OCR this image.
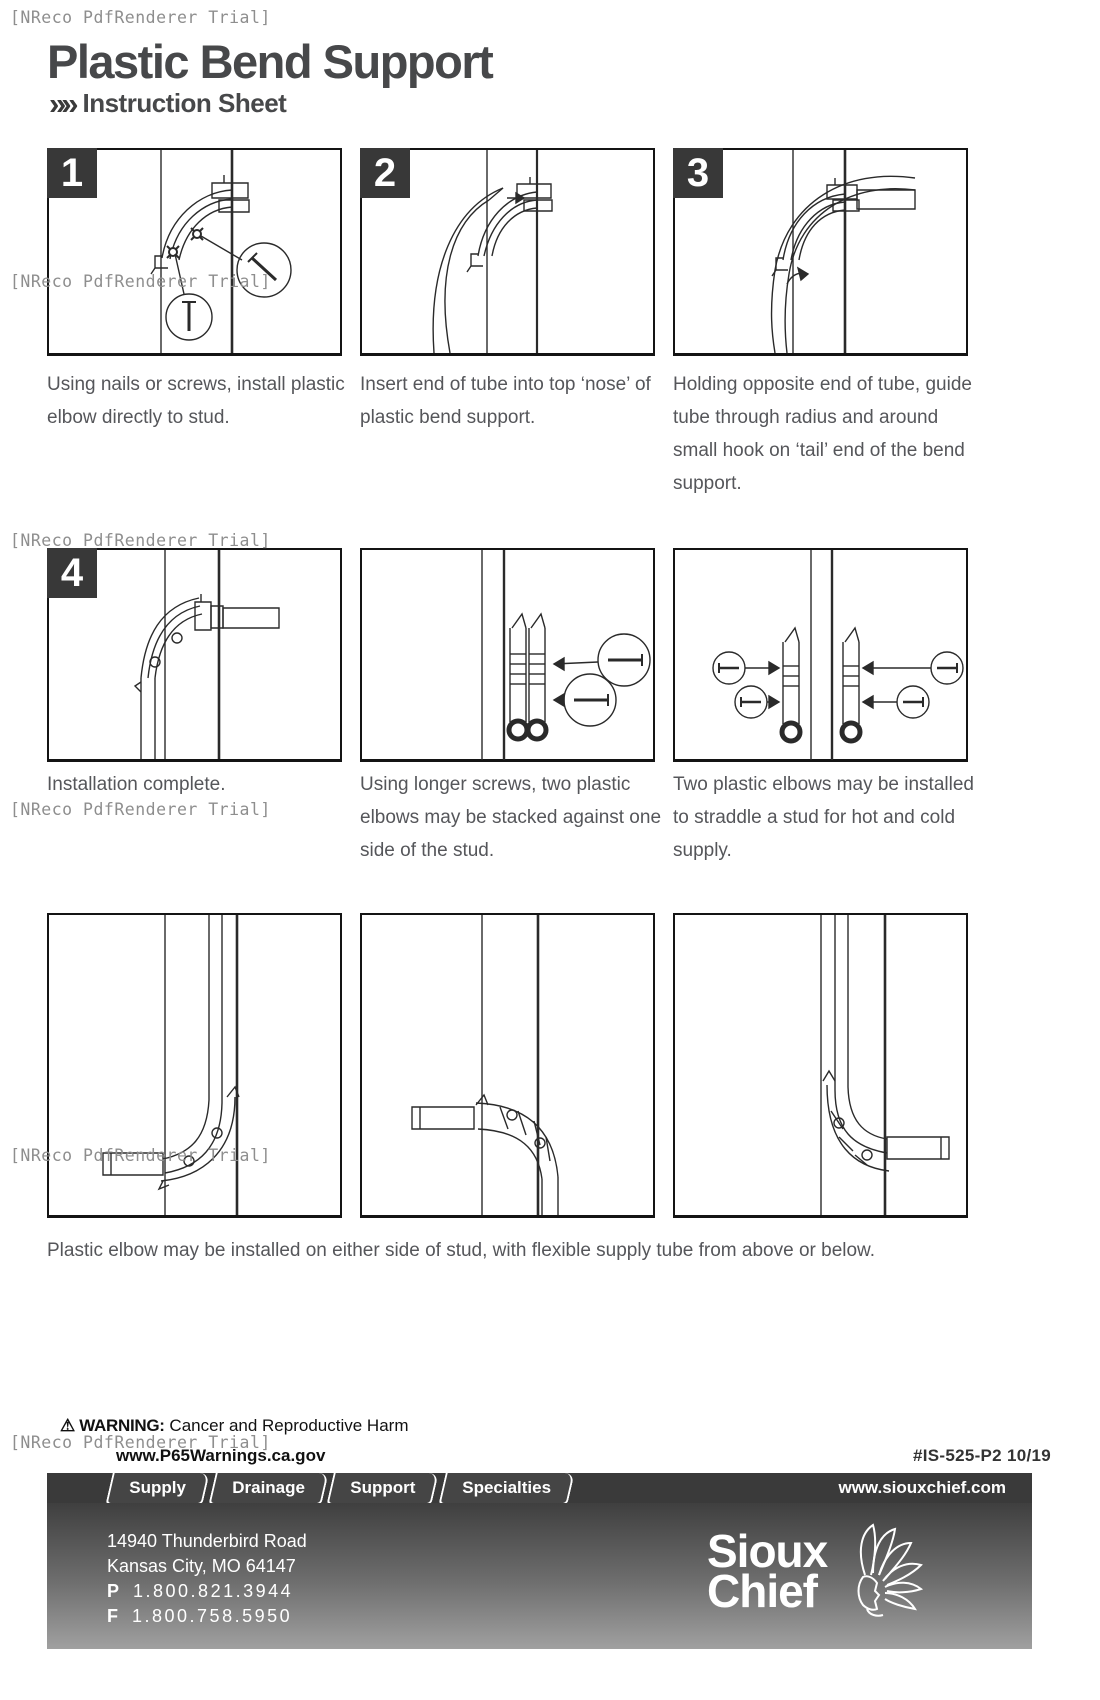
[NReco PdfRenderer Trial]
[NReco PdfRenderer Trial]
[NReco PdfRenderer Trial]
[NReco PdfRenderer Trial]
[NReco PdfRenderer Trial]
[NReco PdfRenderer Trial]
Plastic Bend Support
»» Instruction Sheet
1	2	3
Using nails or screws, install plastic elbow directly to stud.
Insert end of tube into top ‘nose’ of plastic bend support.
Holding opposite end of tube, guide tube through radius and around small hook on ‘tail’ end of the bend support.
4
Installation complete.	Using longer screws, two plastic elbows may be stacked against one side of the stud.
Two plastic elbows may be installed to straddle a stud for hot and cold supply.
Plastic elbow may be installed on either side of stud, with flexible supply tube from above or below.
⚠ WARNING: Cancer and Reproductive Harm
www.P65Warnings.ca.gov	#IS-525-P2 10/19
Supply	Drainage	Support	Specialties	www.siouxchief.com
14940 Thunderbird Road
Kansas City, MO 64147
P 1.800.821.3944
F 1.800.758.5950
Sioux
Chief
